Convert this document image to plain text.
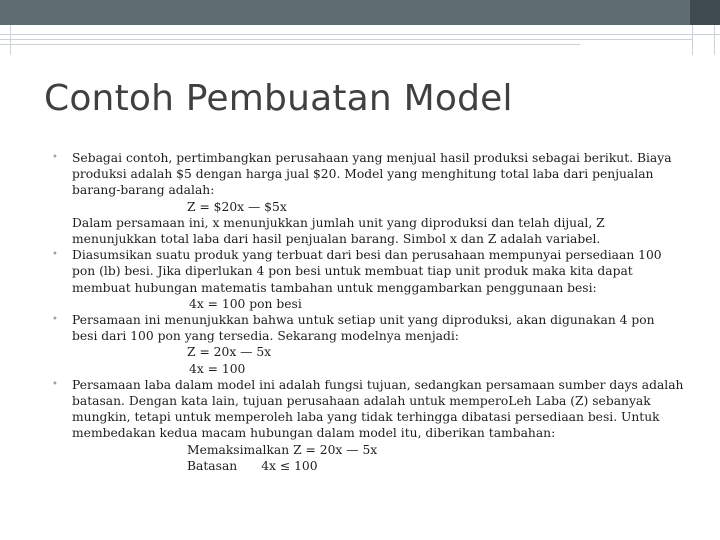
Contoh Pembuatan Model
• Sebagai contoh, pertimbangkan perusahaan yang menjual hasil produksi sebagai berikut. Biaya
produksi adalah $5 dengan harga jual $20. Model yang menghitung total laba dari penjualan
barang-barang adalah:
Z = $20x — $5x
Dalam persamaan ini, x menunjukkan jumlah unit yang diproduksi dan telah dijual, Z
menunjukkan total laba dari hasil penjualan barang. Simbol x dan Z adalah variabel.
• Diasumsikan suatu produk yang terbuat dari besi dan perusahaan mempunyai persediaan 100
pon (lb) besi. Jika diperlukan 4 pon besi untuk membuat tiap unit produk maka kita dapat
membuat hubungan matematis tambahan untuk menggambarkan penggunaan besi:
4x = 100 pon besi
• Persamaan ini menunjukkan bahwa untuk setiap unit yang diproduksi, akan digunakan 4 pon
besi dari 100 pon yang tersedia. Sekarang modelnya menjadi:
Z = 20x — 5x
4x = 100
• Persamaan laba dalam model ini adalah fungsi tujuan, sedangkan persamaan sumber days adalah
batasan. Dengan kata lain, tujuan perusahaan adalah untuk memperoLeh Laba (Z) sebanyak
mungkin, tetapi untuk memperoleh laba yang tidak terhingga dibatasi persediaan besi. Untuk
membedakan kedua macam hubungan dalam model itu, diberikan tambahan:
Memaksimalkan Z = 20x — 5x
Batasan 4x ≤ 100
